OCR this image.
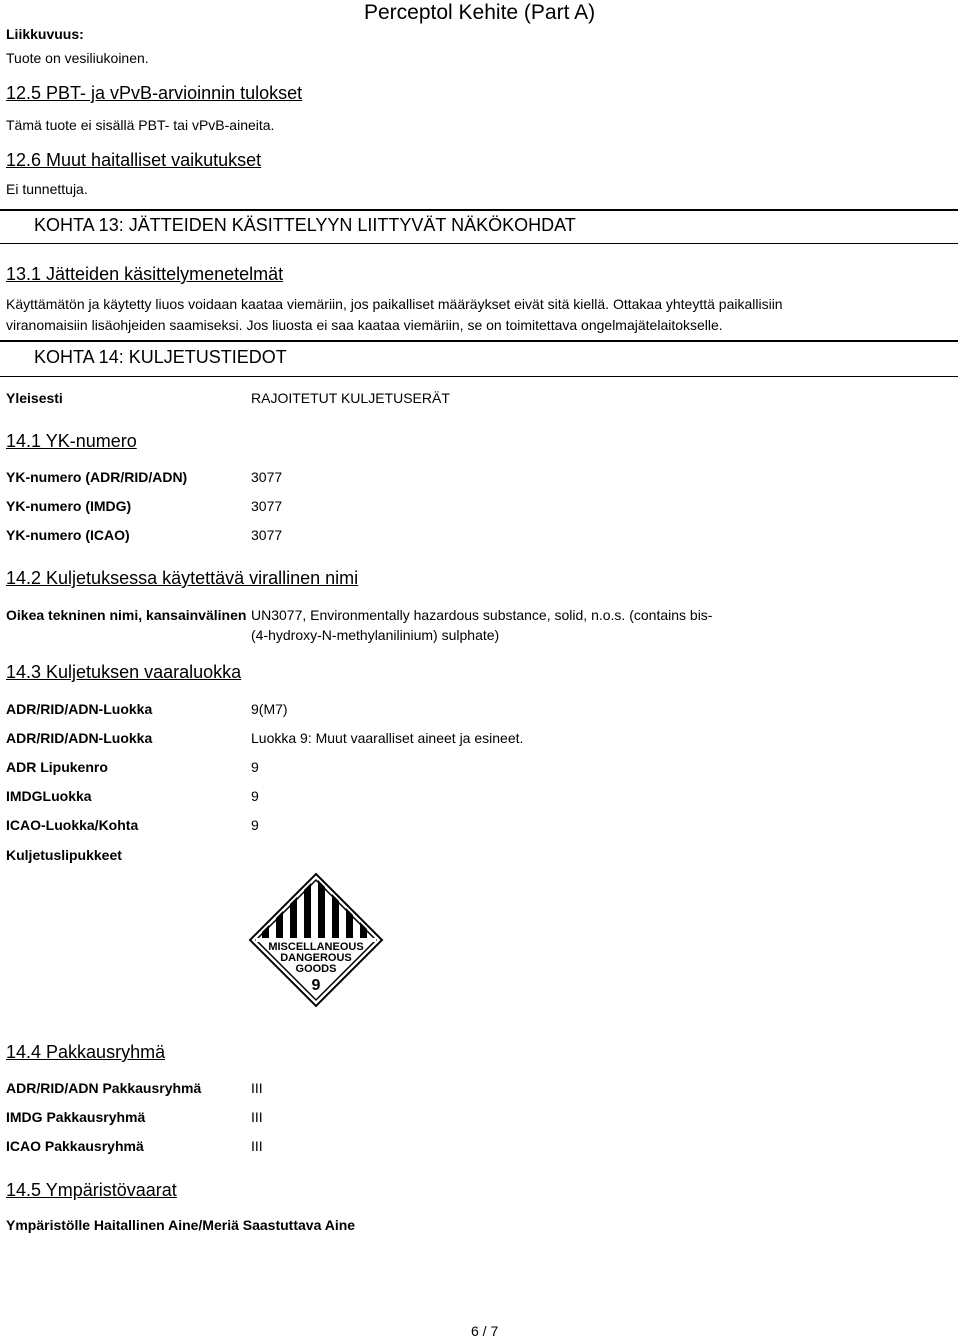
Liikkuvuus:
Perceptol Kehite (Part A)
Tuote on vesiliukoinen.
12.5 PBT- ja vPvB-arvioinnin tulokset
Tämä tuote ei sisällä PBT- tai vPvB-aineita.
12.6 Muut haitalliset vaikutukset
Ei tunnettuja.
KOHTA 13: JÄTTEIDEN KÄSITTELYYN LIITTYVÄT NÄKÖKOHDAT
13.1 Jätteiden käsittelymenetelmät
Käyttämätön ja käytetty liuos voidaan kaataa viemäriin, jos paikalliset määräykset eivät sitä kiellä. Ottakaa yhteyttä paikallisiin
viranomaisiin lisäohjeiden saamiseksi. Jos liuosta ei saa kaataa viemäriin, se on toimitettava ongelmajätelaitokselle.
KOHTA 14: KULJETUSTIEDOT
Yleisesti	RAJOITETUT KULJETUSERÄT
14.1 YK-numero
YK-numero (ADR/RID/ADN)	3077
YK-numero (IMDG)	3077
YK-numero (ICAO)	3077
14.2 Kuljetuksessa käytettävä virallinen nimi
Oikea tekninen nimi, kansainvälinen UN3077, Environmentally hazardous substance, solid, n.o.s. (contains bis-
(4-hydroxy-N-methylanilinium) sulphate)
14.3 Kuljetuksen vaaraluokka
ADR/RID/ADN-Luokka	9(M7)
ADR/RID/ADN-Luokka	Luokka 9: Muut vaaralliset aineet ja esineet.
ADR Lipukenro	9
IMDGLuokka	9
ICAO-Luokka/Kohta	9
Kuljetuslipukkeet
MISCELLANEOUS
DANGEROUS
GOODS
9
14.4 Pakkausryhmä
ADR/RID/ADN Pakkausryhmä	III
IMDG Pakkausryhmä	III
ICAO Pakkausryhmä	III
14.5 Ympäristövaarat
Ympäristölle Haitallinen Aine/Meriä Saastuttava Aine
6 / 7
